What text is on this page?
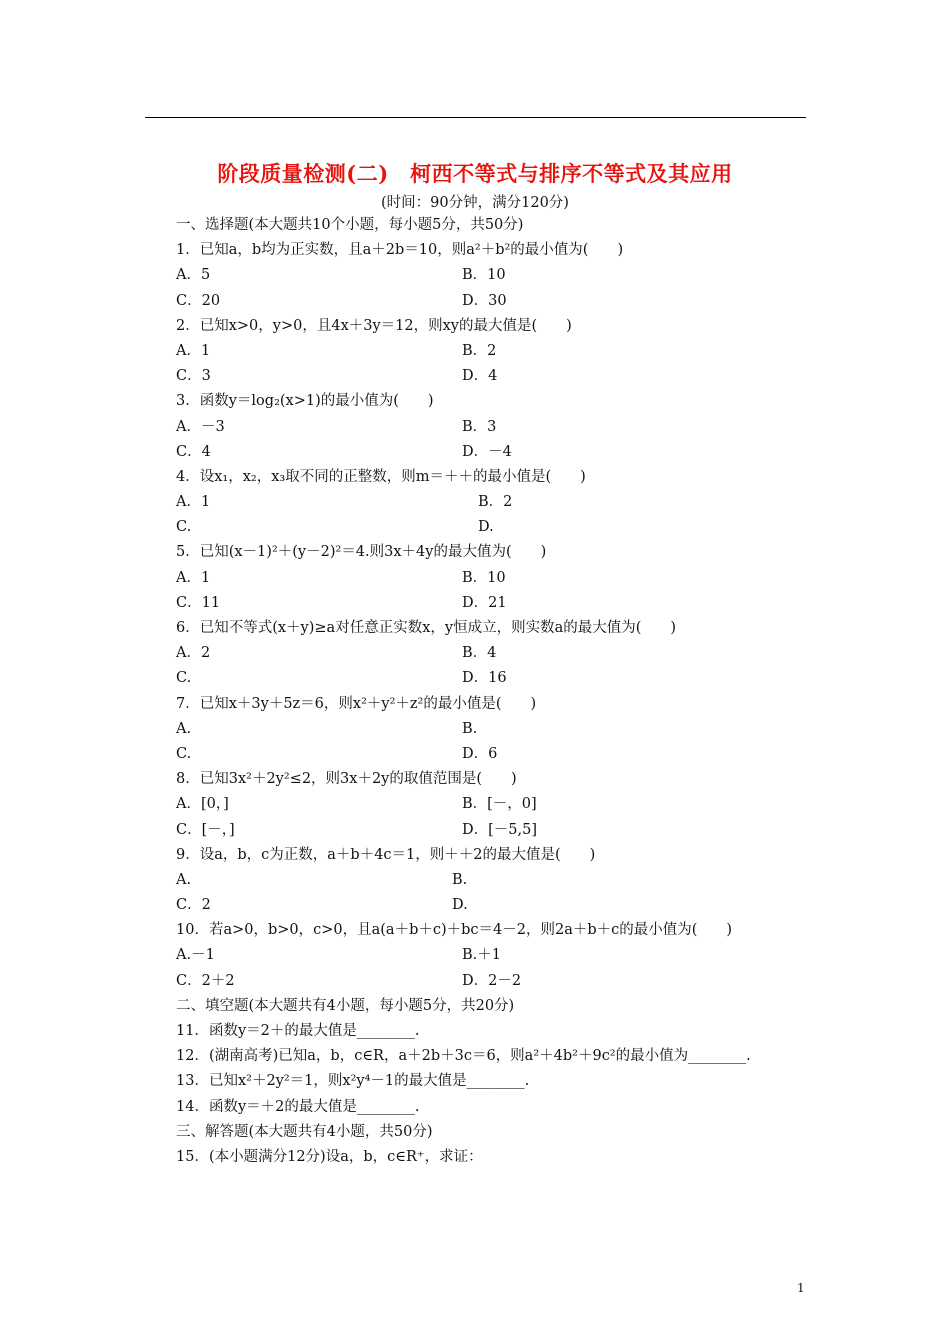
阶段质量检测(二)　柯西不等式与排序不等式及其应用
(时间：90分钟，满分120分)
一、选择题(本大题共10个小题，每小题5分，共50分)
1．已知a，b均为正实数，且a＋2b＝10，则a²＋b²的最小值为(　　)
A．5	B．10
C．20	D．30
2．已知x>0，y>0，且4x＋3y＝12，则xy的最大值是(　　)
A．1	B．2
C．3	D．4
3．函数y＝log₂(x>1)的最小值为(　　)
A．－3	B．3
C．4	D．－4
4．设x₁，x₂，x₃取不同的正整数，则m＝＋＋的最小值是(　　)
A．1	B．2
C.	D.
5．已知(x－1)²＋(y－2)²＝4.则3x＋4y的最大值为(　　)
A．1	B．10
C．11	D．21
6．已知不等式(x＋y)≥a对任意正实数x，y恒成立，则实数a的最大值为(　　)
A．2	B．4
C.	D．16
7．已知x＋3y＋5z＝6，则x²＋y²＋z²的最小值是(　　)
A.	B.
C.	D．6
8．已知3x²＋2y²≤2，则3x＋2y的取值范围是(　　)
A．[0，]	B．[－，0]
C．[－，]	D．[－5,5]
9．设a，b，c为正数，a＋b＋4c＝1，则＋＋2的最大值是(　　)
A.	B.
C．2	D.
10．若a>0，b>0，c>0，且a(a＋b＋c)＋bc＝4－2，则2a＋b＋c的最小值为(　　)
A.－1	B.＋1
C．2＋2	D．2－2
二、填空题(本大题共有4小题，每小题5分，共20分)
11．函数y＝2＋的最大值是________.
12．(湖南高考)已知a，b，c∈R，a＋2b＋3c＝6，则a²＋4b²＋9c²的最小值为________.
13．已知x²＋2y²＝1，则x²y⁴－1的最大值是________.
14．函数y＝＋2的最大值是________.
三、解答题(本大题共有4小题，共50分)
15．(本小题满分12分)设a，b，c∈R⁺，求证：
1
